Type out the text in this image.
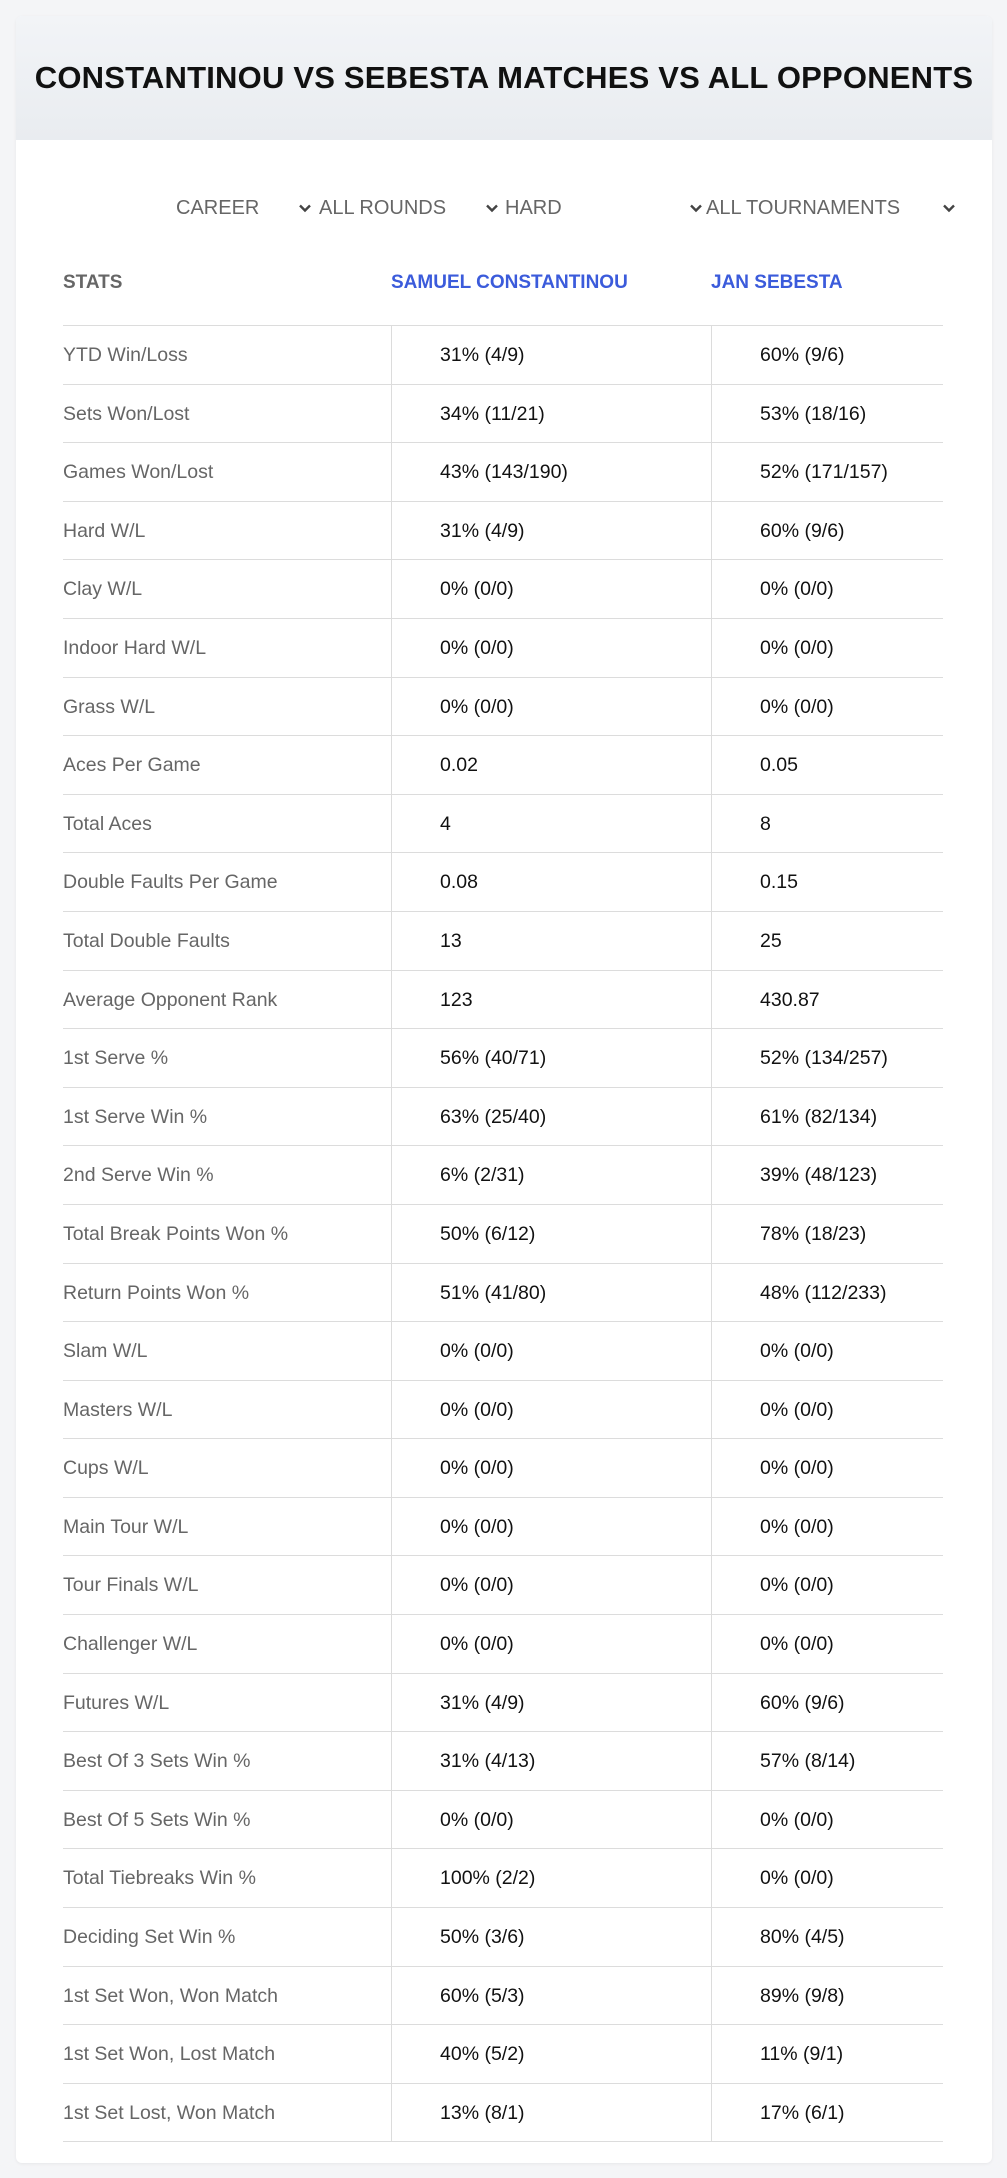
CONSTANTINOU VS SEBESTA MATCHES VS ALL OPPONENTS
CAREER	ALL ROUNDS	HARD	ALL TOURNAMENTS
STATS	SAMUEL CONSTANTINOU	JAN SEBESTA
YTD Win/Loss	31% (4/9)	60% (9/6)
Sets Won/Lost	34% (11/21)	53% (18/16)
Games Won/Lost	43% (143/190)	52% (171/157)
Hard W/L	31% (4/9)	60% (9/6)
Clay W/L	0% (0/0)	0% (0/0)
Indoor Hard W/L	0% (0/0)	0% (0/0)
Grass W/L	0% (0/0)	0% (0/0)
Aces Per Game	0.02	0.05
Total Aces	4	8
Double Faults Per Game	0.08	0.15
Total Double Faults	13	25
Average Opponent Rank	123	430.87
1st Serve %	56% (40/71)	52% (134/257)
1st Serve Win %	63% (25/40)	61% (82/134)
2nd Serve Win %	6% (2/31)	39% (48/123)
Total Break Points Won %	50% (6/12)	78% (18/23)
Return Points Won %	51% (41/80)	48% (112/233)
Slam W/L	0% (0/0)	0% (0/0)
Masters W/L	0% (0/0)	0% (0/0)
Cups W/L	0% (0/0)	0% (0/0)
Main Tour W/L	0% (0/0)	0% (0/0)
Tour Finals W/L	0% (0/0)	0% (0/0)
Challenger W/L	0% (0/0)	0% (0/0)
Futures W/L	31% (4/9)	60% (9/6)
Best Of 3 Sets Win %	31% (4/13)	57% (8/14)
Best Of 5 Sets Win %	0% (0/0)	0% (0/0)
Total Tiebreaks Win %	100% (2/2)	0% (0/0)
Deciding Set Win %	50% (3/6)	80% (4/5)
1st Set Won, Won Match	60% (5/3)	89% (9/8)
1st Set Won, Lost Match	40% (5/2)	11% (9/1)
1st Set Lost, Won Match	13% (8/1)	17% (6/1)
